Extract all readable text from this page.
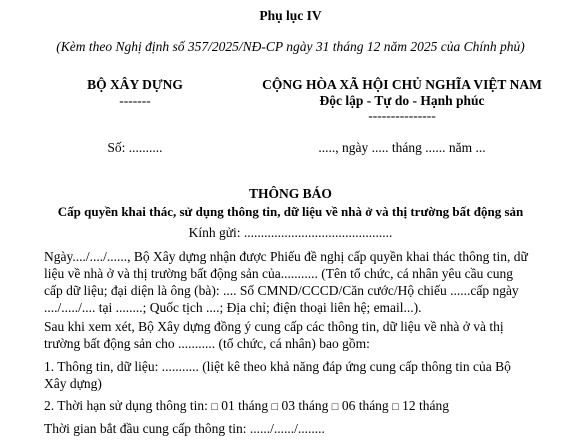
Phụ lục IV
(Kèm theo Nghị định số 357/2025/NĐ-CP ngày 31 tháng 12 năm 2025 của Chính phủ)
BỘ XÂY DỰNG
-------
Số: ..........
CỘNG HÒA XÃ HỘI CHỦ NGHĨA VIỆT NAM
Độc lập - Tự do - Hạnh phúc
---------------
....., ngày ..... tháng ...... năm ...
THÔNG BÁO
Cấp quyền khai thác, sử dụng thông tin, dữ liệu về nhà ở và thị trường bất động sản
Kính gửi: ............................................
Ngày..../..../......, Bộ Xây dựng nhận được Phiếu đề nghị cấp quyền khai thác thông tin, dữ
liệu về nhà ở và thị trường bất động sản của........... (Tên tổ chức, cá nhân yêu cầu cung
cấp dữ liệu; đại diện là ông (bà): .... Số CMND/CCCD/Căn cước/Hộ chiếu ......cấp ngày
..../...../.... tại ........; Quốc tịch ....; Địa chỉ; điện thoại liên hệ; email...).
Sau khi xem xét, Bộ Xây dựng đồng ý cung cấp các thông tin, dữ liệu về nhà ở và thị
trường bất động sản cho ........... (tổ chức, cá nhân) bao gồm:
1. Thông tin, dữ liệu: ........... (liệt kê theo khả năng đáp ứng cung cấp thông tin của Bộ
Xây dựng)
2. Thời hạn sử dụng thông tin: □ 01 tháng □ 03 tháng □ 06 tháng □ 12 tháng
Thời gian bắt đầu cung cấp thông tin: ....../....../........
